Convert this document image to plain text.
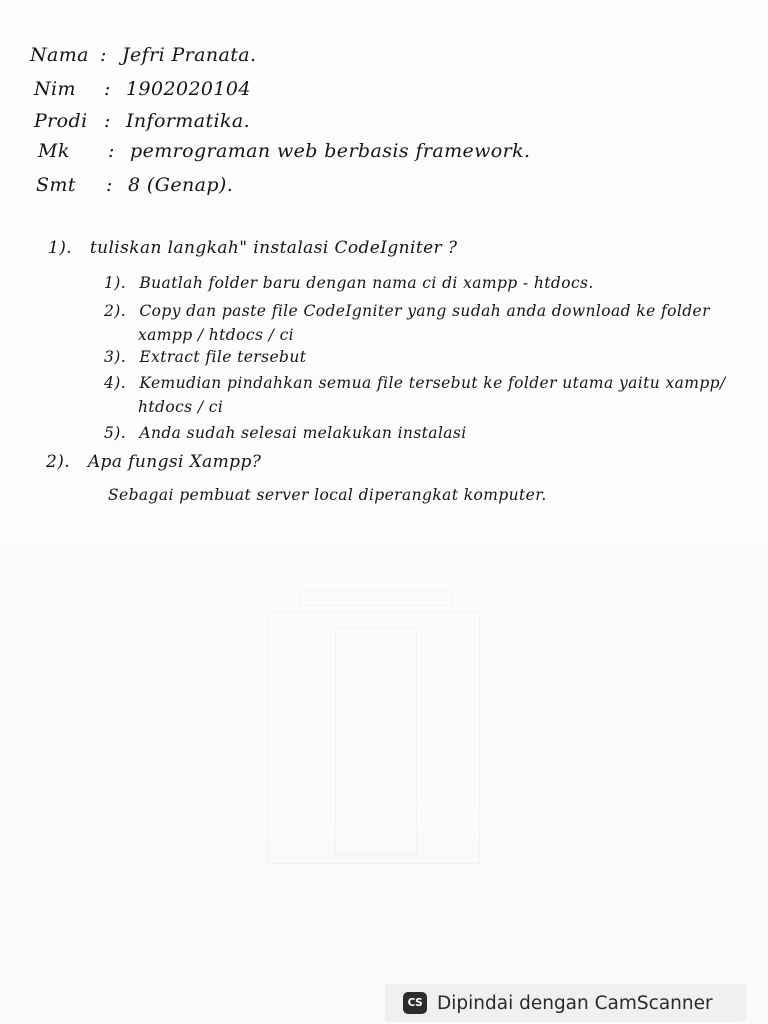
Nama : Jefri Pranata.
Nim : 1902020104
Prodi : Informatika.
Mk : pemrograman web berbasis framework.
Smt : 8 (Genap).
1). tuliskan langkah" instalasi CodeIgniter ?
1). Buatlah folder baru dengan nama ci di xampp - htdocs.
2). Copy dan paste file CodeIgniter yang sudah anda download ke folder
xampp / htdocs / ci
3). Extract file tersebut
4). Kemudian pindahkan semua file tersebut ke folder utama yaitu xampp/
htdocs / ci
5). Anda sudah selesai melakukan instalasi
2). Apa fungsi Xampp?
Sebagai pembuat server local diperangkat komputer.
CS Dipindai dengan CamScanner
